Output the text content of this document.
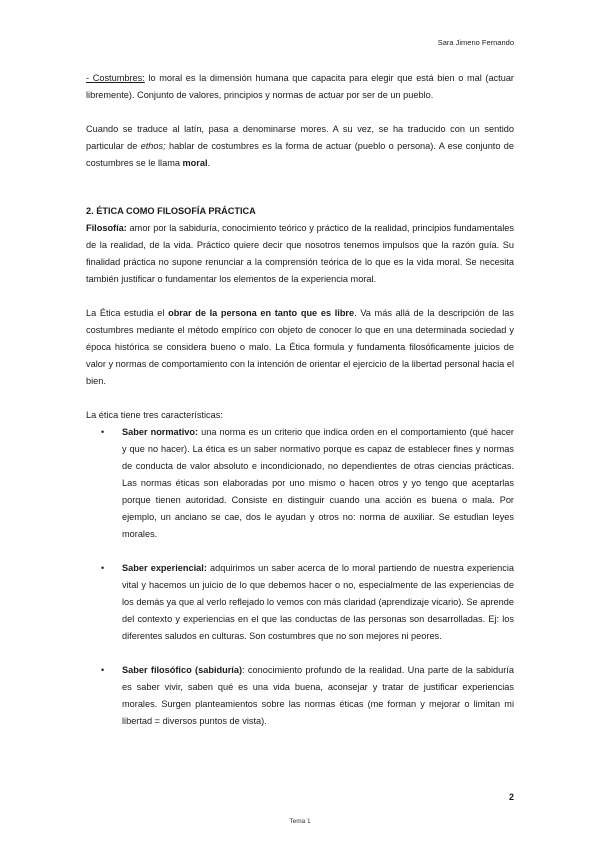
Sara Jimeno Fernando

- Costumbres: lo moral es la dimensión humana que capacita para elegir que está bien o mal (actuar libremente). Conjunto de valores, principios y normas de actuar por ser de un pueblo.

Cuando se traduce al latín, pasa a denominarse mores. A su vez, se ha traducido con un sentido particular de ethos; hablar de costumbres es la forma de actuar (pueblo o persona). A ese conjunto de costumbres se le llama moral.

2. ÉTICA COMO FILOSOFÍA PRÁCTICA

Filosofía: amor por la sabiduría, conocimiento teórico y práctico de la realidad, principios fundamentales de la realidad, de la vida. Práctico quiere decir que nosotros tenemos impulsos que la razón guía. Su finalidad práctica no supone renunciar a la comprensión teórica de lo que es la vida moral. Se necesita también justificar o fundamentar los elementos de la experiencia moral.

La Ética estudia el obrar de la persona en tanto que es libre. Va más allá de la descripción de las costumbres mediante el método empírico con objeto de conocer lo que en una determinada sociedad y época histórica se considera bueno o malo. La Ética formula y fundamenta filosóficamente juicios de valor y normas de comportamiento con la intención de orientar el ejercicio de la libertad personal hacia el bien.

La ética tiene tres características:

• Saber normativo: una norma es un criterio que indica orden en el comportamiento (qué hacer y que no hacer). La ética es un saber normativo porque es capaz de establecer fines y normas de conducta de valor absoluto e incondicionado, no dependientes de otras ciencias prácticas. Las normas éticas son elaboradas por uno mismo o hacen otros y yo tengo que aceptarlas porque tienen autoridad. Consiste en distinguir cuando una acción es buena o mala. Por ejemplo, un anciano se cae, dos le ayudan y otros no: norma de auxiliar. Se estudian leyes morales.
• Saber experiencial: adquirimos un saber acerca de lo moral partiendo de nuestra experiencia vital y hacemos un juicio de lo que debemos hacer o no, especialmente de las experiencias de los demás ya que al verlo reflejado lo vemos con más claridad (aprendizaje vicario). Se aprende del contexto y experiencias en el que las conductas de las personas son desarrolladas. Ej: los diferentes saludos en culturas. Son costumbres que no son mejores ni peores.
• Saber filosófico (sabiduría): conocimiento profundo de la realidad. Una parte de la sabiduría es saber vivir, saben qué es una vida buena, aconsejar y tratar de justificar experiencias morales. Surgen planteamientos sobre las normas éticas (me forman y mejorar o limitan mi libertad = diversos puntos de vista).
2
Tema 1
